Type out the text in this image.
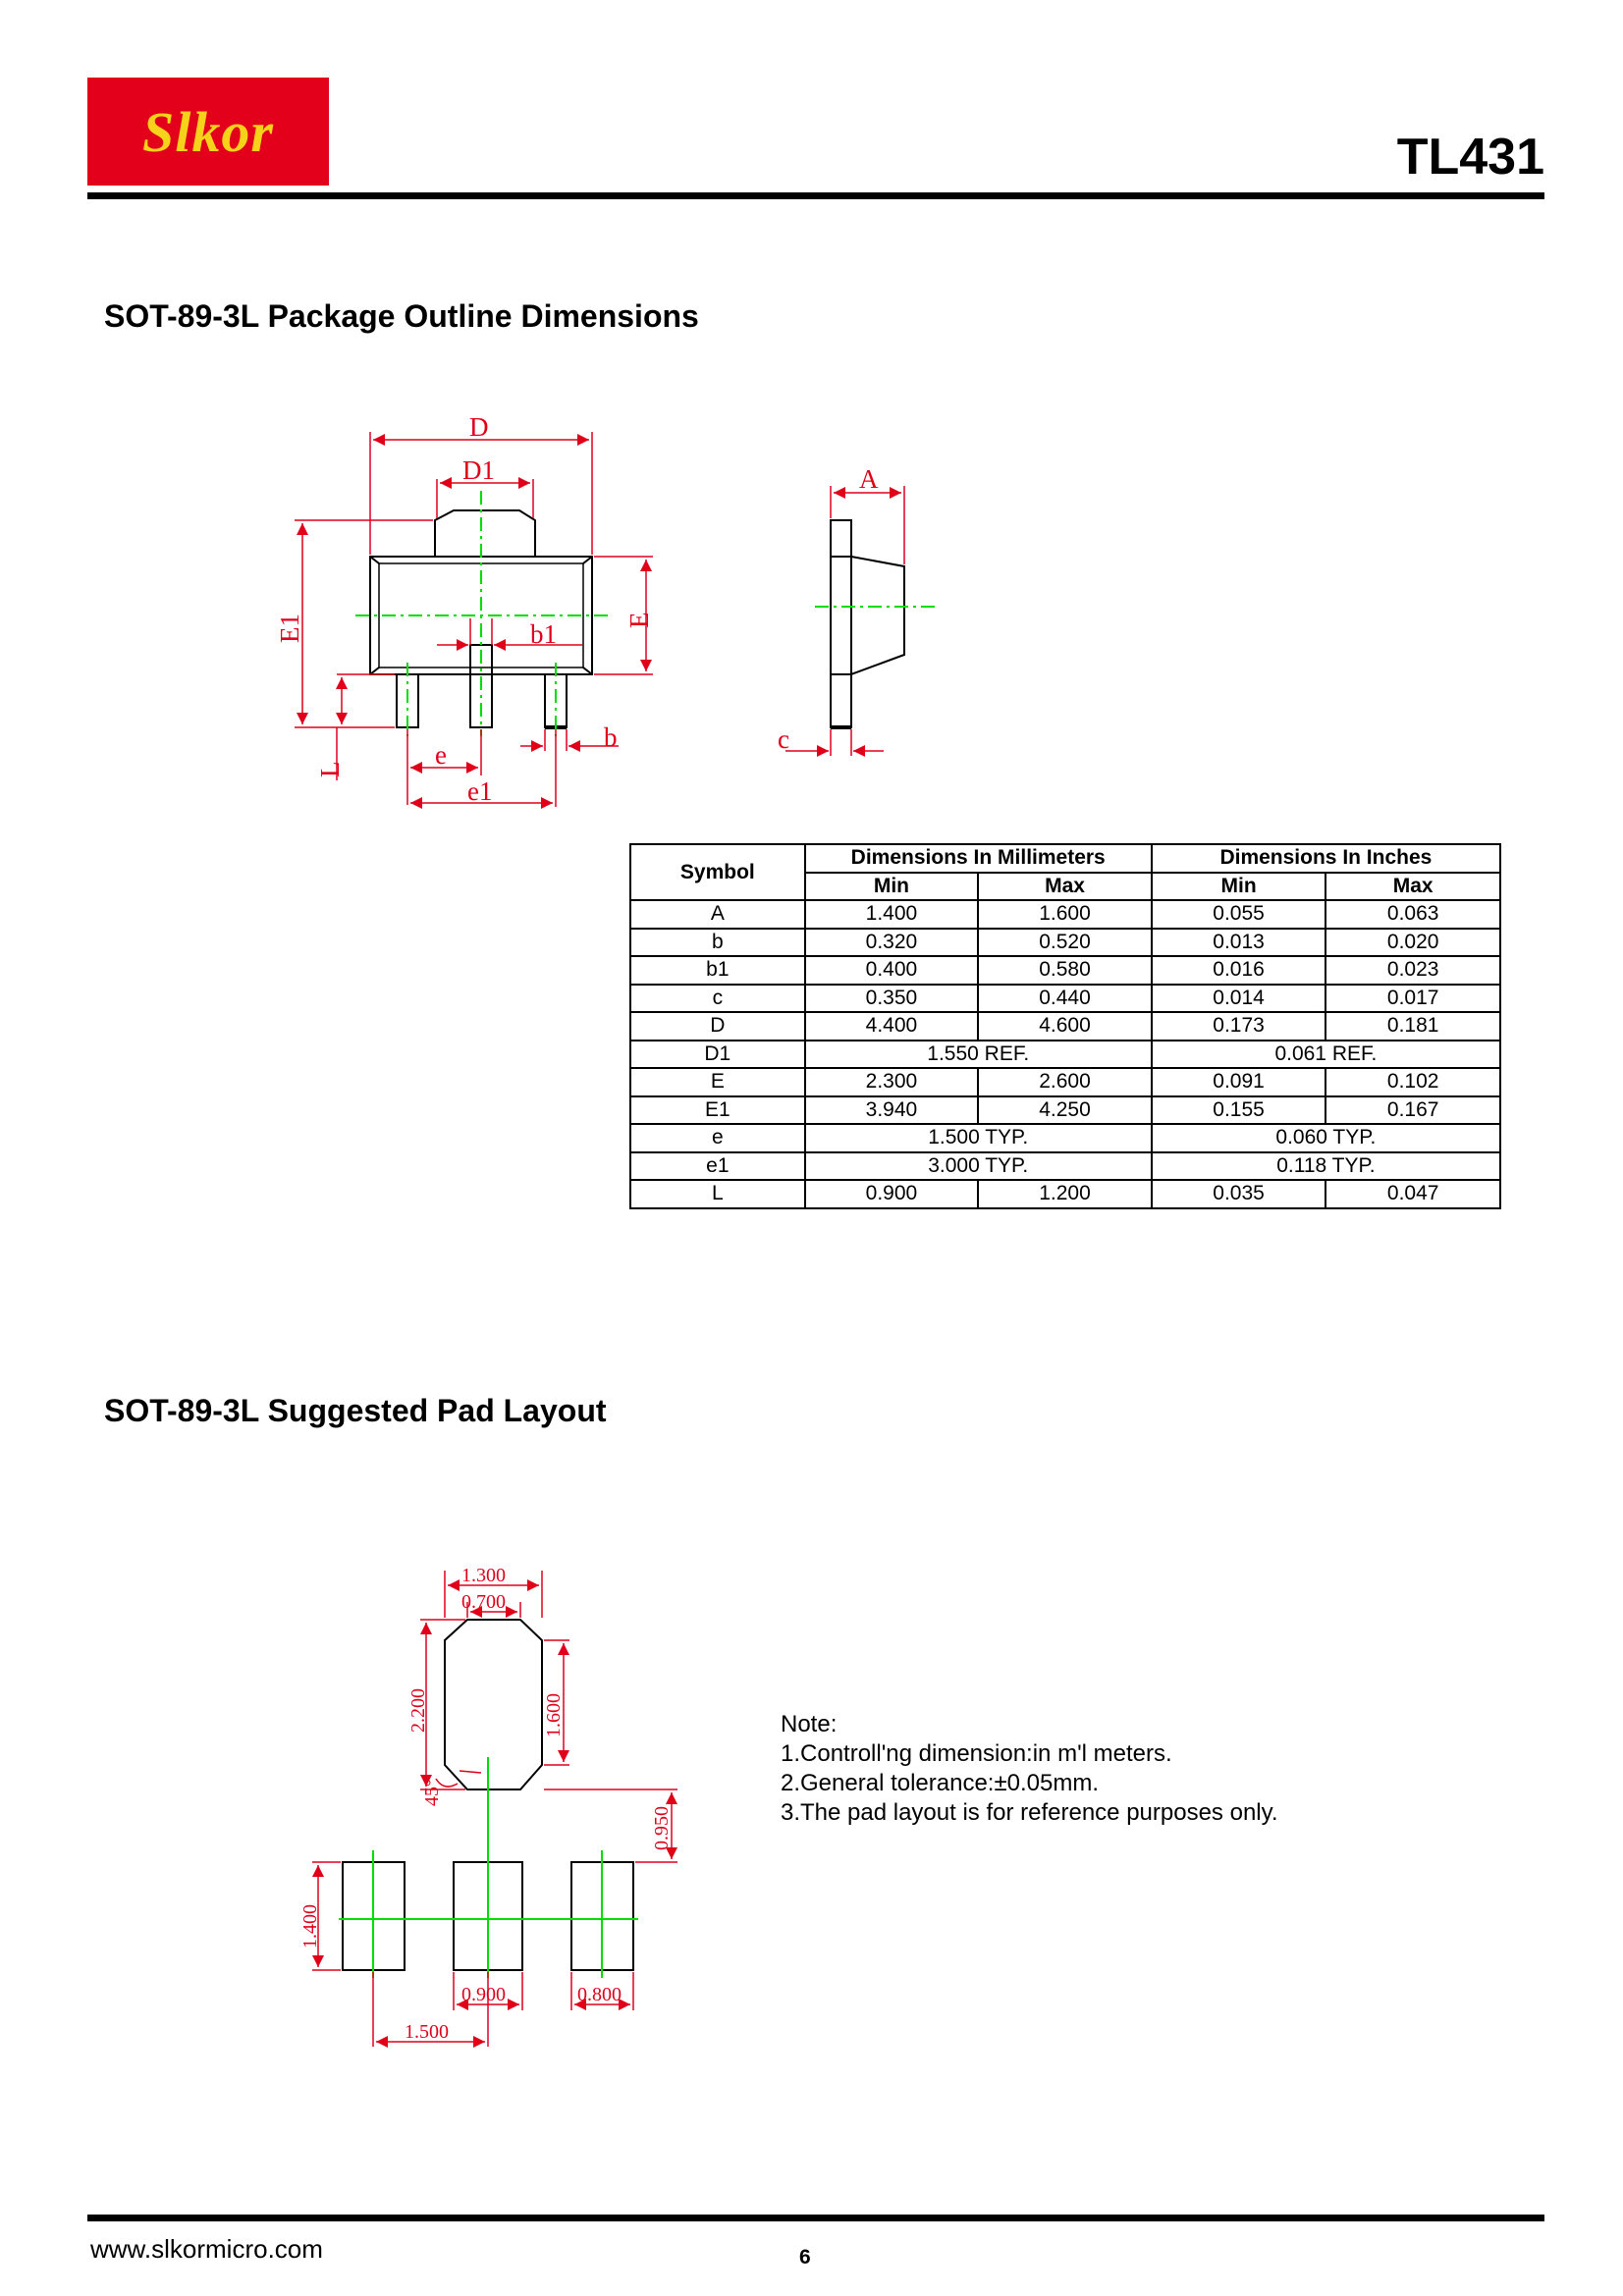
Slkor	TL431
SOT-89-3L Package Outline Dimensions
SOT-89-3L Suggested Pad Layout
D
D1
b1
b
e
e1
E
E1
L
A
c
1.300
0.700
2.200	1.600
45°
0.950
1.400
0.900	0.800
1.500
Symbol	Dimensions In Millimeters		Dimensions In Inches	
	Min	Max	Min	Max
A	1.400	1.600	0.055	0.063
b	0.320	0.520	0.013	0.020
b1	0.400	0.580	0.016	0.023
c	0.350	0.440	0.014	0.017
D	4.400	4.600	0.173	0.181
D1	1.550 REF.		0.061 REF.	
E	2.300	2.600	0.091	0.102
E1	3.940	4.250	0.155	0.167
e	1.500 TYP.		0.060 TYP.	
e1	3.000 TYP.		0.118 TYP.	
L	0.900	1.200	0.035	0.047
Note:
1.Controll'ng dimension:in m'l meters.
2.General tolerance:±0.05mm.
3.The pad layout is for reference purposes only.
www.slkormicro.com	6
